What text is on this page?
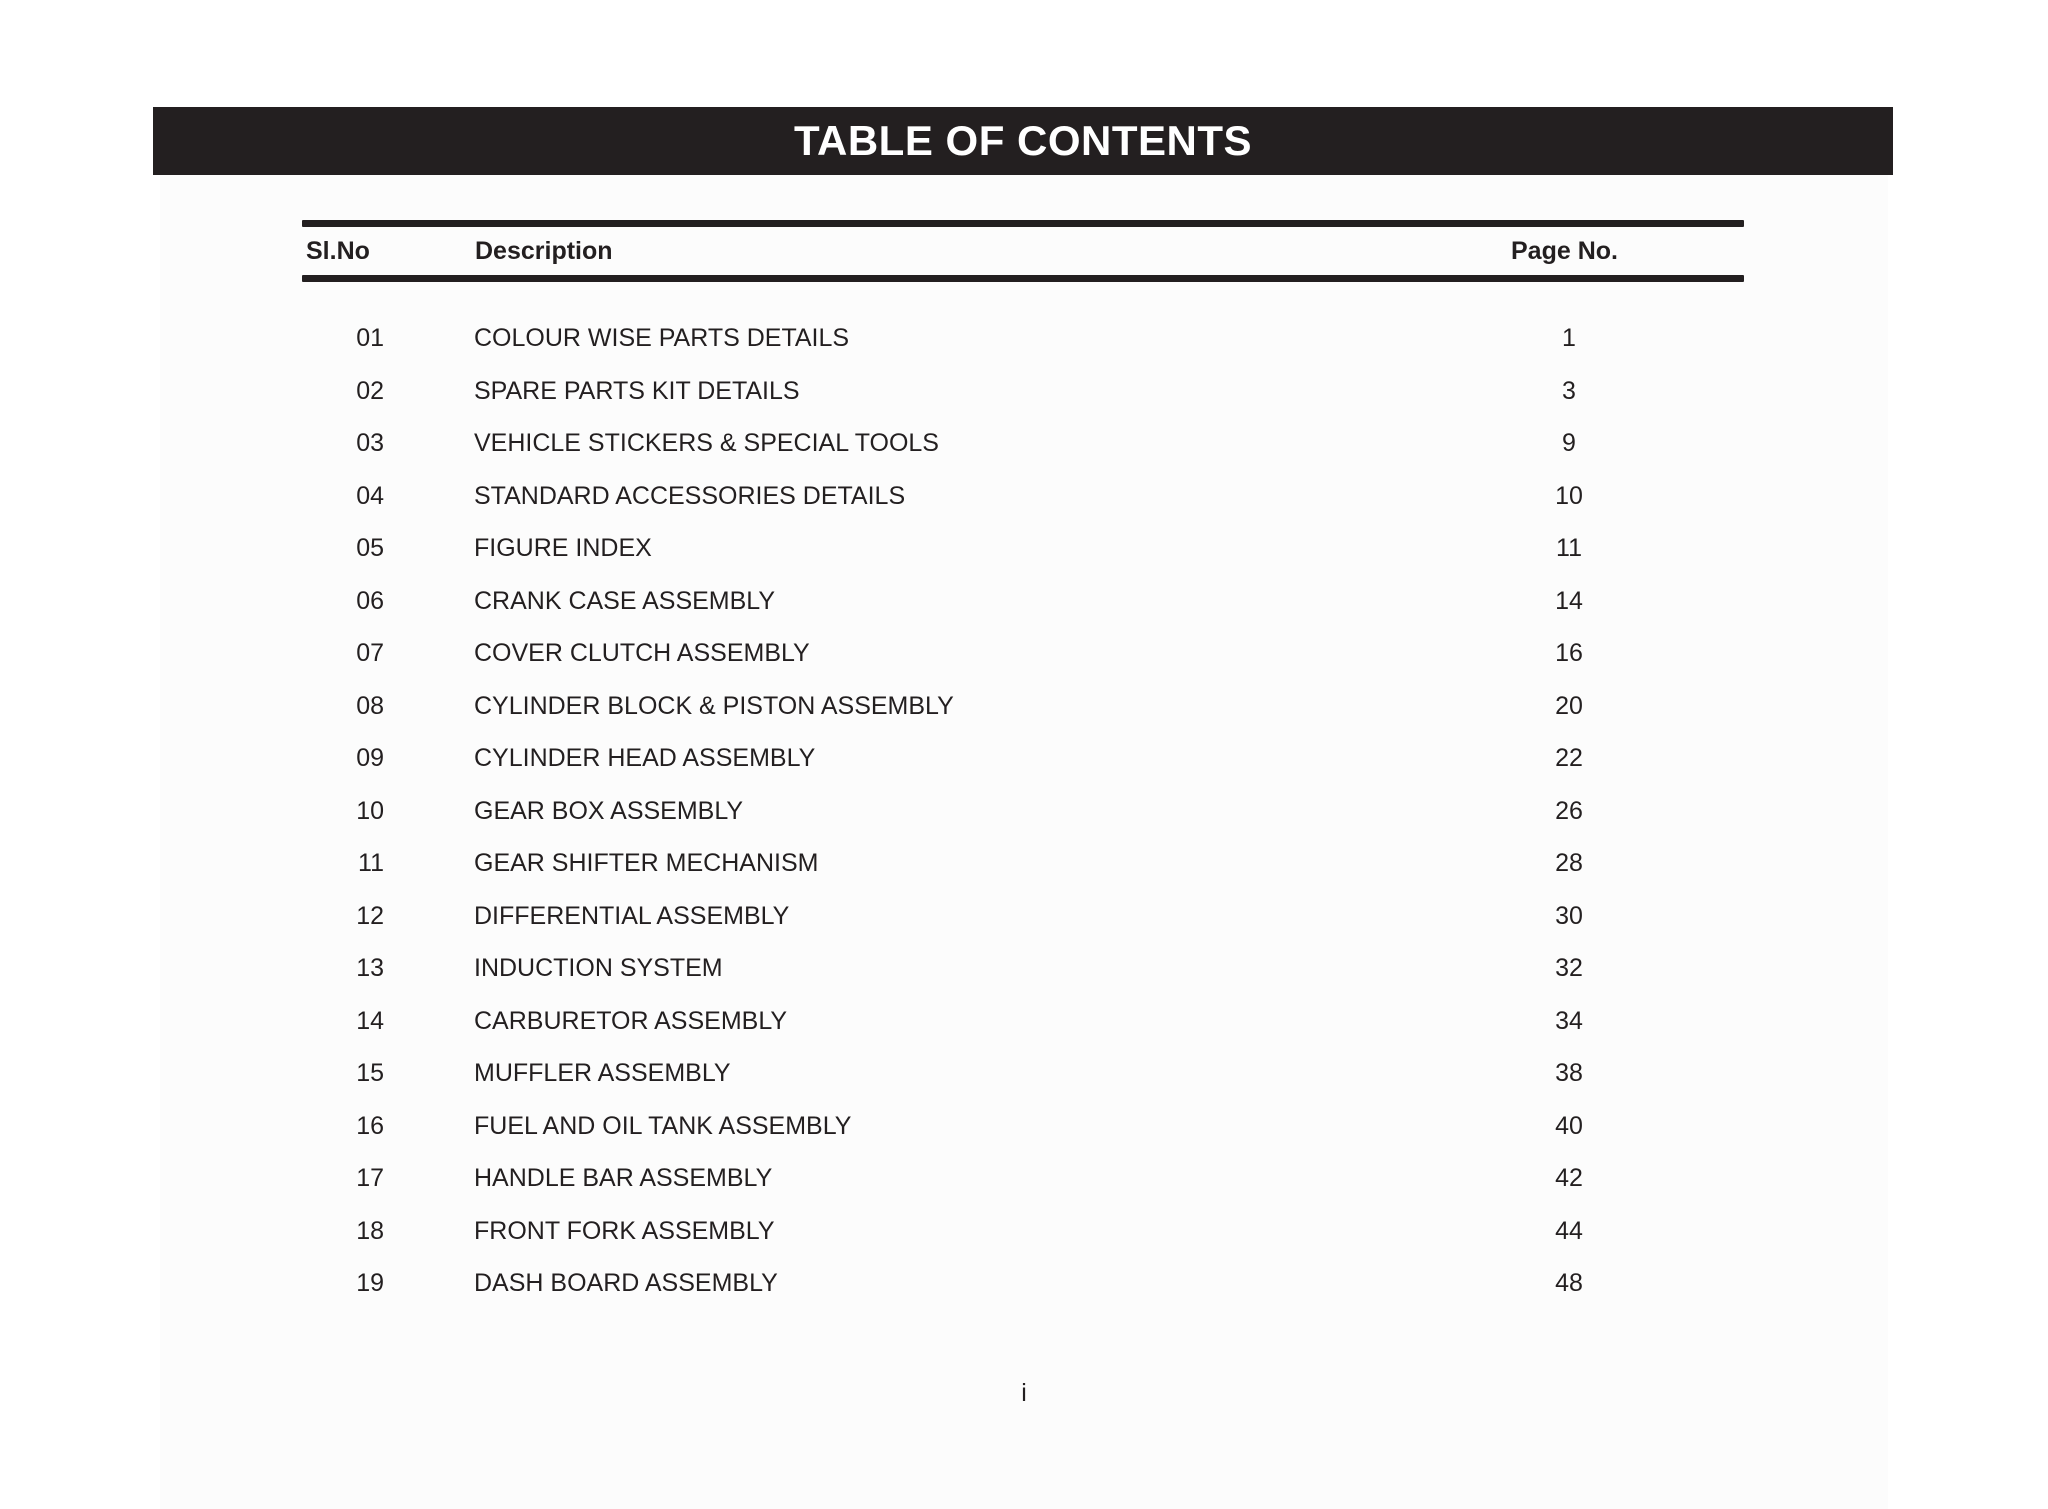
TABLE OF CONTENTS
Sl.No	Description	Page No.
01	COLOUR WISE PARTS DETAILS	1
02	SPARE PARTS KIT DETAILS	3
03	VEHICLE STICKERS & SPECIAL TOOLS	9
04	STANDARD ACCESSORIES DETAILS	10
05	FIGURE INDEX	11
06	CRANK CASE ASSEMBLY	14
07	COVER CLUTCH ASSEMBLY	16
08	CYLINDER BLOCK & PISTON ASSEMBLY	20
09	CYLINDER HEAD ASSEMBLY	22
10	GEAR BOX ASSEMBLY	26
11	GEAR SHIFTER MECHANISM	28
12	DIFFERENTIAL ASSEMBLY	30
13	INDUCTION SYSTEM	32
14	CARBURETOR ASSEMBLY	34
15	MUFFLER ASSEMBLY	38
16	FUEL AND OIL TANK ASSEMBLY	40
17	HANDLE BAR ASSEMBLY	42
18	FRONT FORK ASSEMBLY	44
19	DASH BOARD ASSEMBLY	48
i
